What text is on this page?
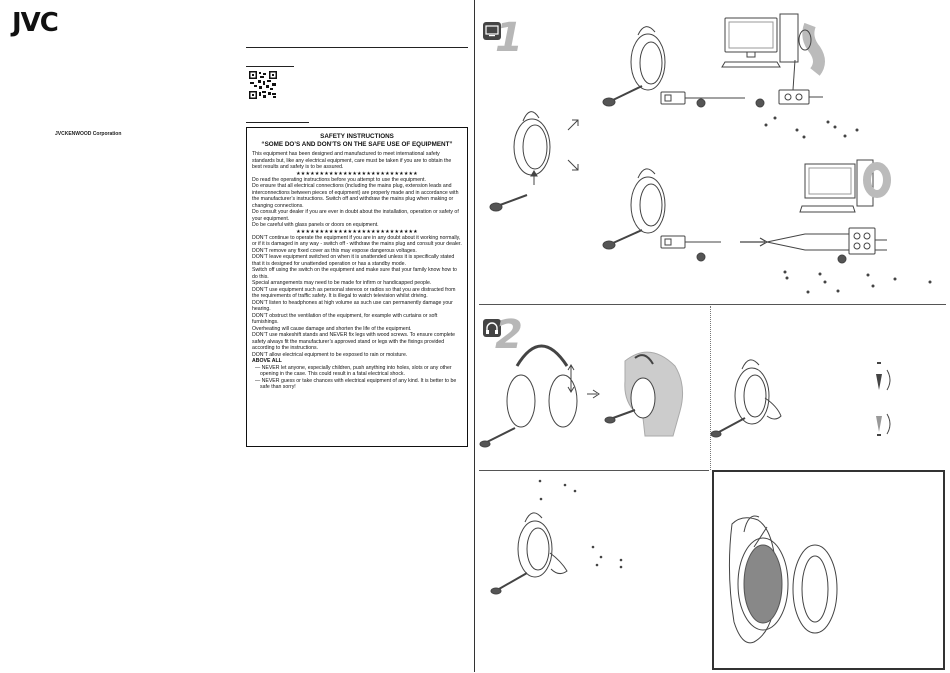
JVC
JVCKENWOOD Corporation	SAFETY INSTRUCTIONS
“SOME DO’S AND DON’TS ON THE SAFE USE OF EQUIPMENT”

This equipment has been designed and manufactured to meet international safety standards but, like any electrical equipment, care must be taken if you are to obtain the best results and safety is to be assured.

★★★★★★★★★★★★★★★★★★★★★★★★★★

Do read the operating instructions before you attempt to use the equipment.

Do ensure that all electrical connections (including the mains plug, extension leads and interconnections between pieces of equipment) are properly made and in accordance with the manufacturer’s instructions. Switch off and withdraw the mains plug when making or changing connections.

Do consult your dealer if you are ever in doubt about the installation, operation or safety of your equipment.

Do be careful with glass panels or doors on equipment.

★★★★★★★★★★★★★★★★★★★★★★★★★★

DON’T continue to operate the equipment if you are in any doubt about it working normally, or if it is damaged in any way - switch off - withdraw the mains plug and consult your dealer.

DON’T remove any fixed cover as this may expose dangerous voltages.

DON’T leave equipment switched on when it is unattended unless it is specifically stated that it is designed for unattended operation or has a standby mode.

Switch off using the switch on the equipment and make sure that your family know how to do this.

Special arrangements may need to be made for infirm or handicapped people.

DON’T use equipment such as personal stereos or radios so that you are distracted from the requirements of traffic safety. It is illegal to watch television whilst driving.

DON’T listen to headphones at high volume as such use can permanently damage your hearing.

DON’T obstruct the ventilation of the equipment, for example with curtains or soft furnishings.

Overheating will cause damage and shorten the life of the equipment.

DON’T use makeshift stands and NEVER fix legs with wood screws. To ensure complete safety always fit the manufacturer’s approved stand or legs with the fixings provided according to the instructions.

DON’T allow electrical equipment to be exposed to rain or moisture.

ABOVE ALL

— NEVER let anyone, especially children, push anything into holes, slots or any other opening in the case. This could result in a fatal electrical shock.

— NEVER guess or take chances with electrical equipment of any kind. It is better to be safe than sorry!

1
2
